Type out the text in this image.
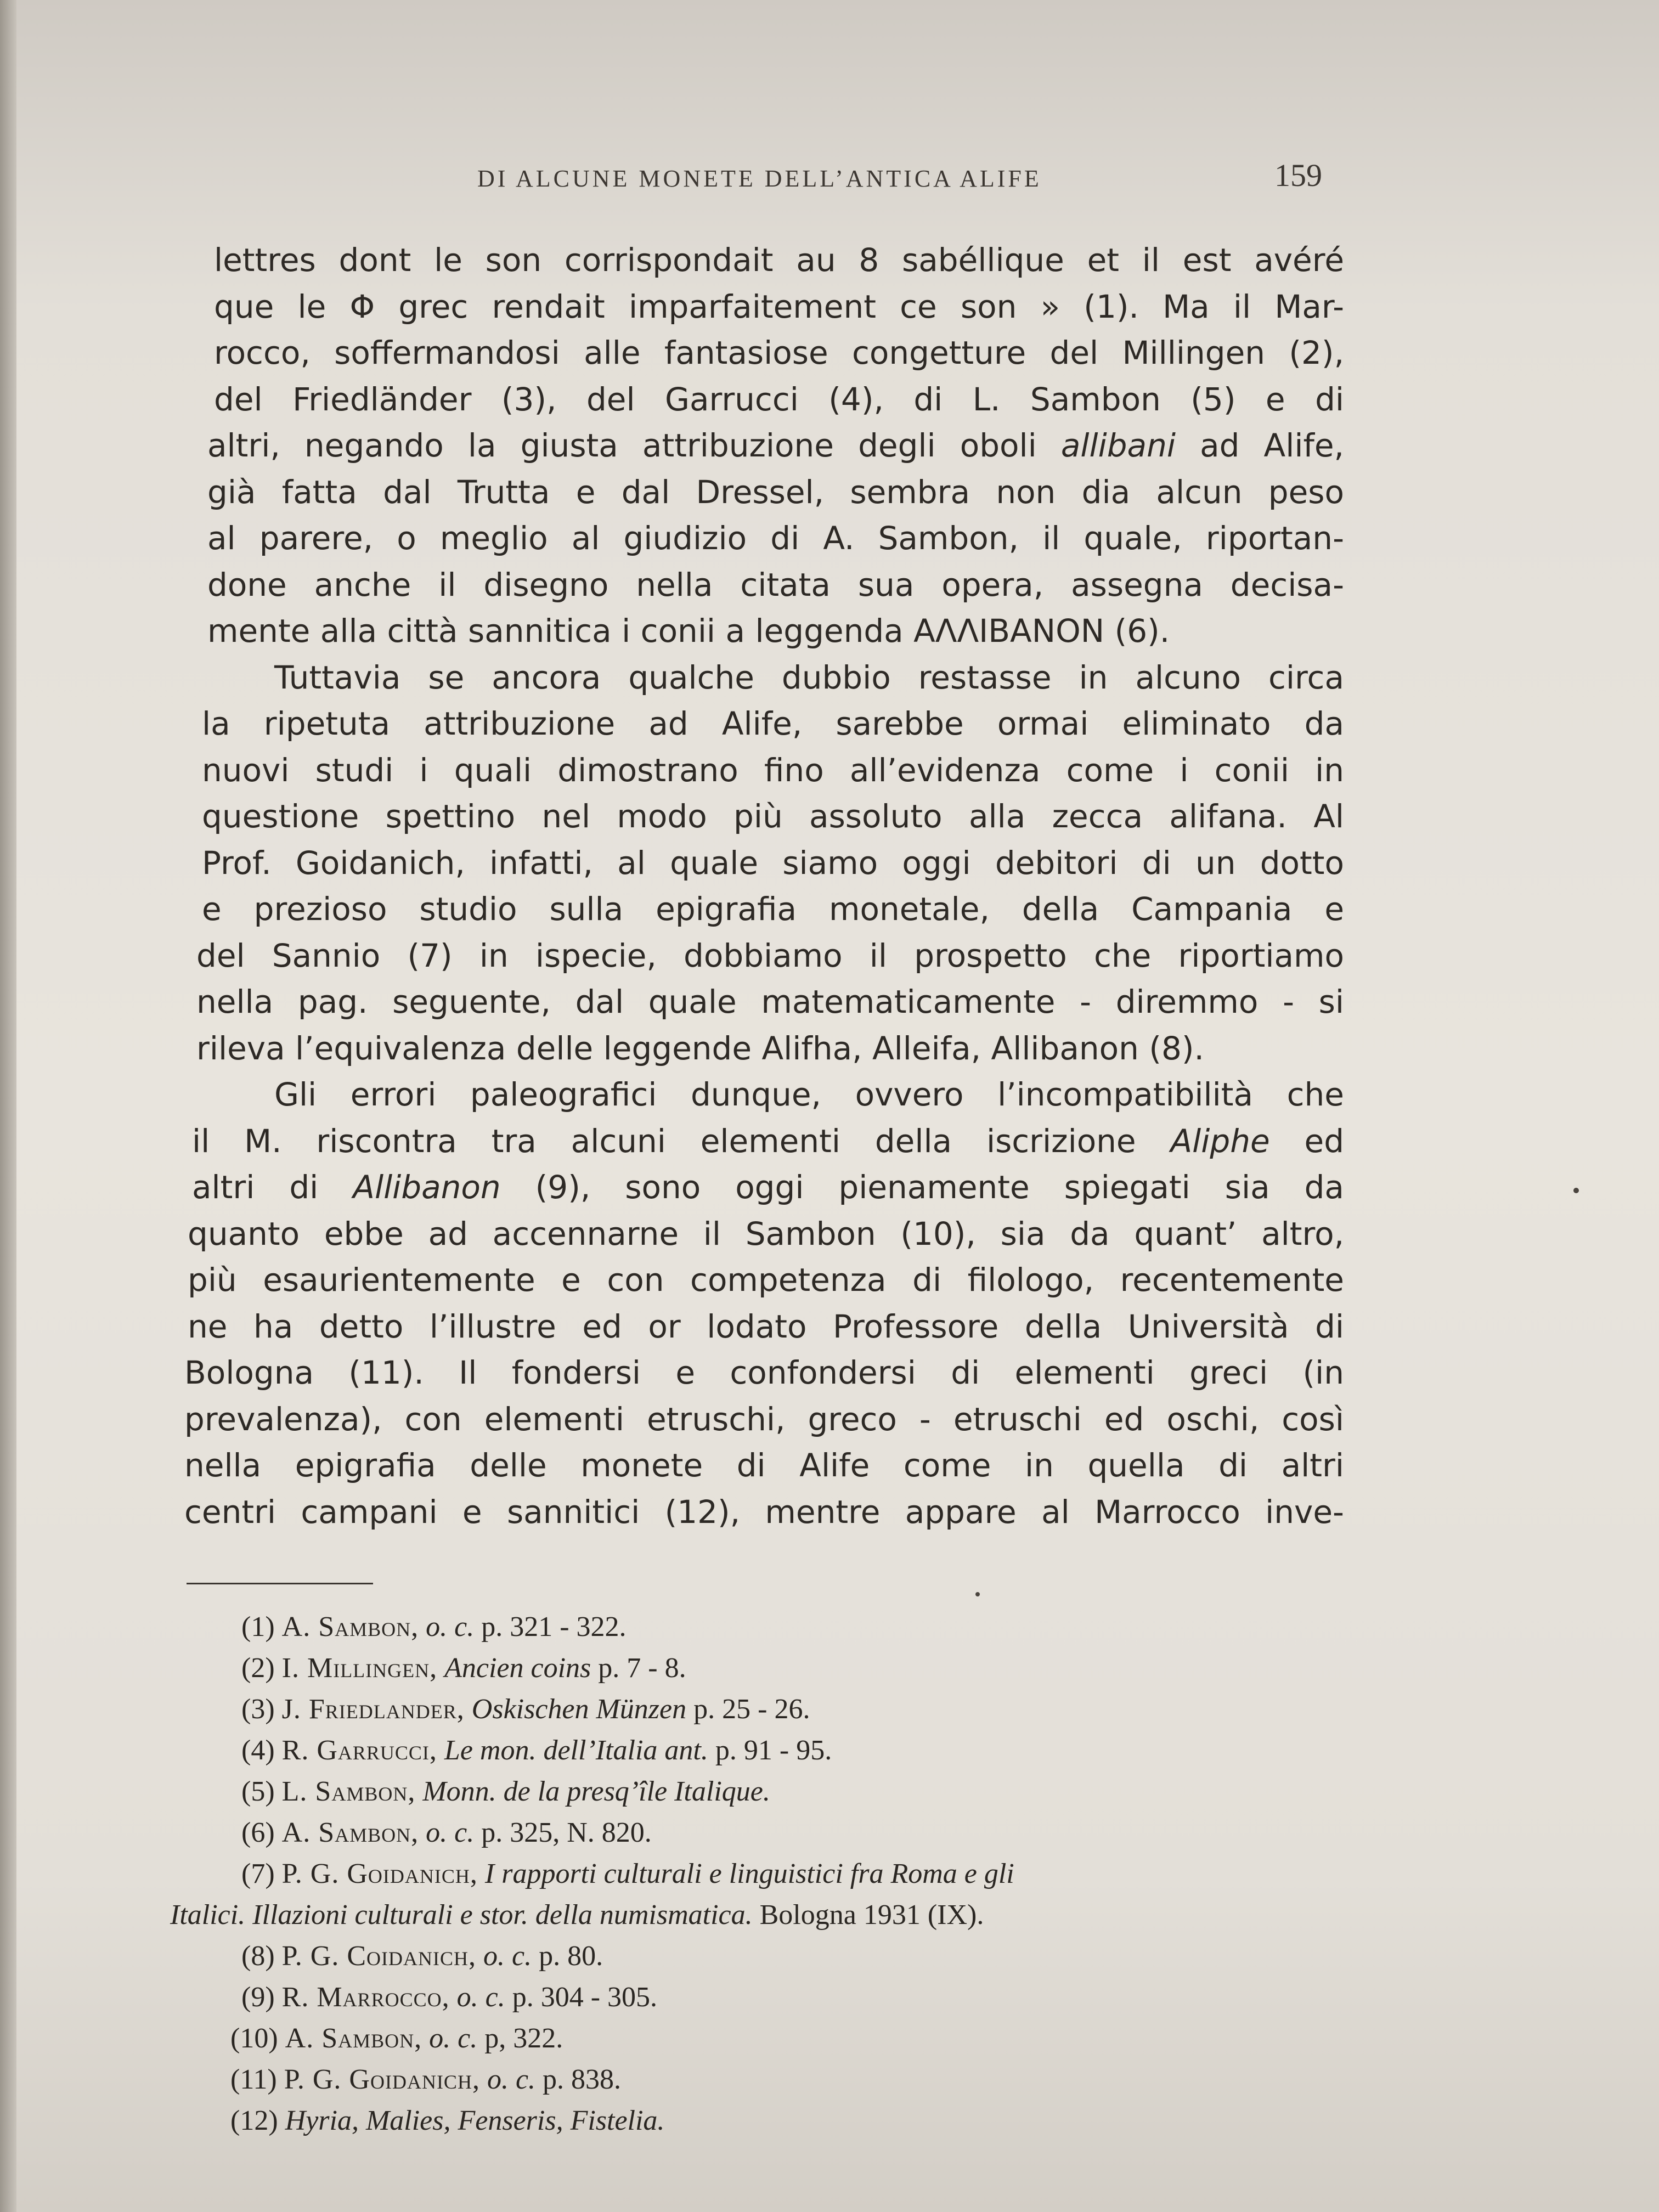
DI ALCUNE MONETE DELL’ANTICA ALIFE	159
lettres dont le son corrispondait au 8 sabéllique et il est avéré
que le Φ grec rendait imparfaitement ce son » (1). Ma il Mar-
rocco, soffermandosi alle fantasiose congetture del Millingen (2),
del Friedländer (3), del Garrucci (4), di L. Sambon (5) e di
altri, negando la giusta attribuzione degli oboli allibani ad Alife,
già fatta dal Trutta e dal Dressel, sembra non dia alcun peso
al parere, o meglio al giudizio di A. Sambon, il quale, riportan-
done anche il disegno nella citata sua opera, assegna decisa-
mente alla città sannitica i conii a leggenda ΑΛΛΙΒΑΝΟΝ (6).
Tuttavia se ancora qualche dubbio restasse in alcuno circa
la ripetuta attribuzione ad Alife, sarebbe ormai eliminato da
nuovi studi i quali dimostrano fino all’evidenza come i conii in
questione spettino nel modo più assoluto alla zecca alifana. Al
Prof. Goidanich, infatti, al quale siamo oggi debitori di un dotto
e prezioso studio sulla epigrafia monetale, della Campania e
del Sannio (7) in ispecie, dobbiamo il prospetto che riportiamo
nella pag. seguente, dal quale matematicamente - diremmo - si
rileva l’equivalenza delle leggende Alifha, Alleifa, Allibanon (8).
Gli errori paleografici dunque, ovvero l’incompatibilità che
il M. riscontra tra alcuni elementi della iscrizione Aliphe ed
altri di Allibanon (9), sono oggi pienamente spiegati sia da
quanto ebbe ad accennarne il Sambon (10), sia da quant’ altro,
più esaurientemente e con competenza di filologo, recentemente
ne ha detto l’illustre ed or lodato Professore della Università di
Bologna (11). Il fondersi e confondersi di elementi greci (in
prevalenza), con elementi etruschi, greco - etruschi ed oschi, così
nella epigrafia delle monete di Alife come in quella di altri
centri campani e sannitici (12), mentre appare al Marrocco inve-
(1) A. Sambon, o. c. p. 321 - 322.
(2) I. Millingen, Ancien coins p. 7 - 8.
(3) J. Friedlander, Oskischen Münzen p. 25 - 26.
(4) R. Garrucci, Le mon. dell’Italia ant. p. 91 - 95.
(5) L. Sambon, Monn. de la presq’île Italique.
(6) A. Sambon, o. c. p. 325, N. 820.
(7) P. G. Goidanich, I rapporti culturali e linguistici fra Roma e gli
Italici. Illazioni culturali e stor. della numismatica. Bologna 1931 (IX).
(8) P. G. Coidanich, o. c. p. 80.
(9) R. Marrocco, o. c. p. 304 - 305.
(10) A. Sambon, o. c. p, 322.
(11) P. G. Goidanich, o. c. p. 838.
(12) Hyria, Malies, Fenseris, Fistelia.
